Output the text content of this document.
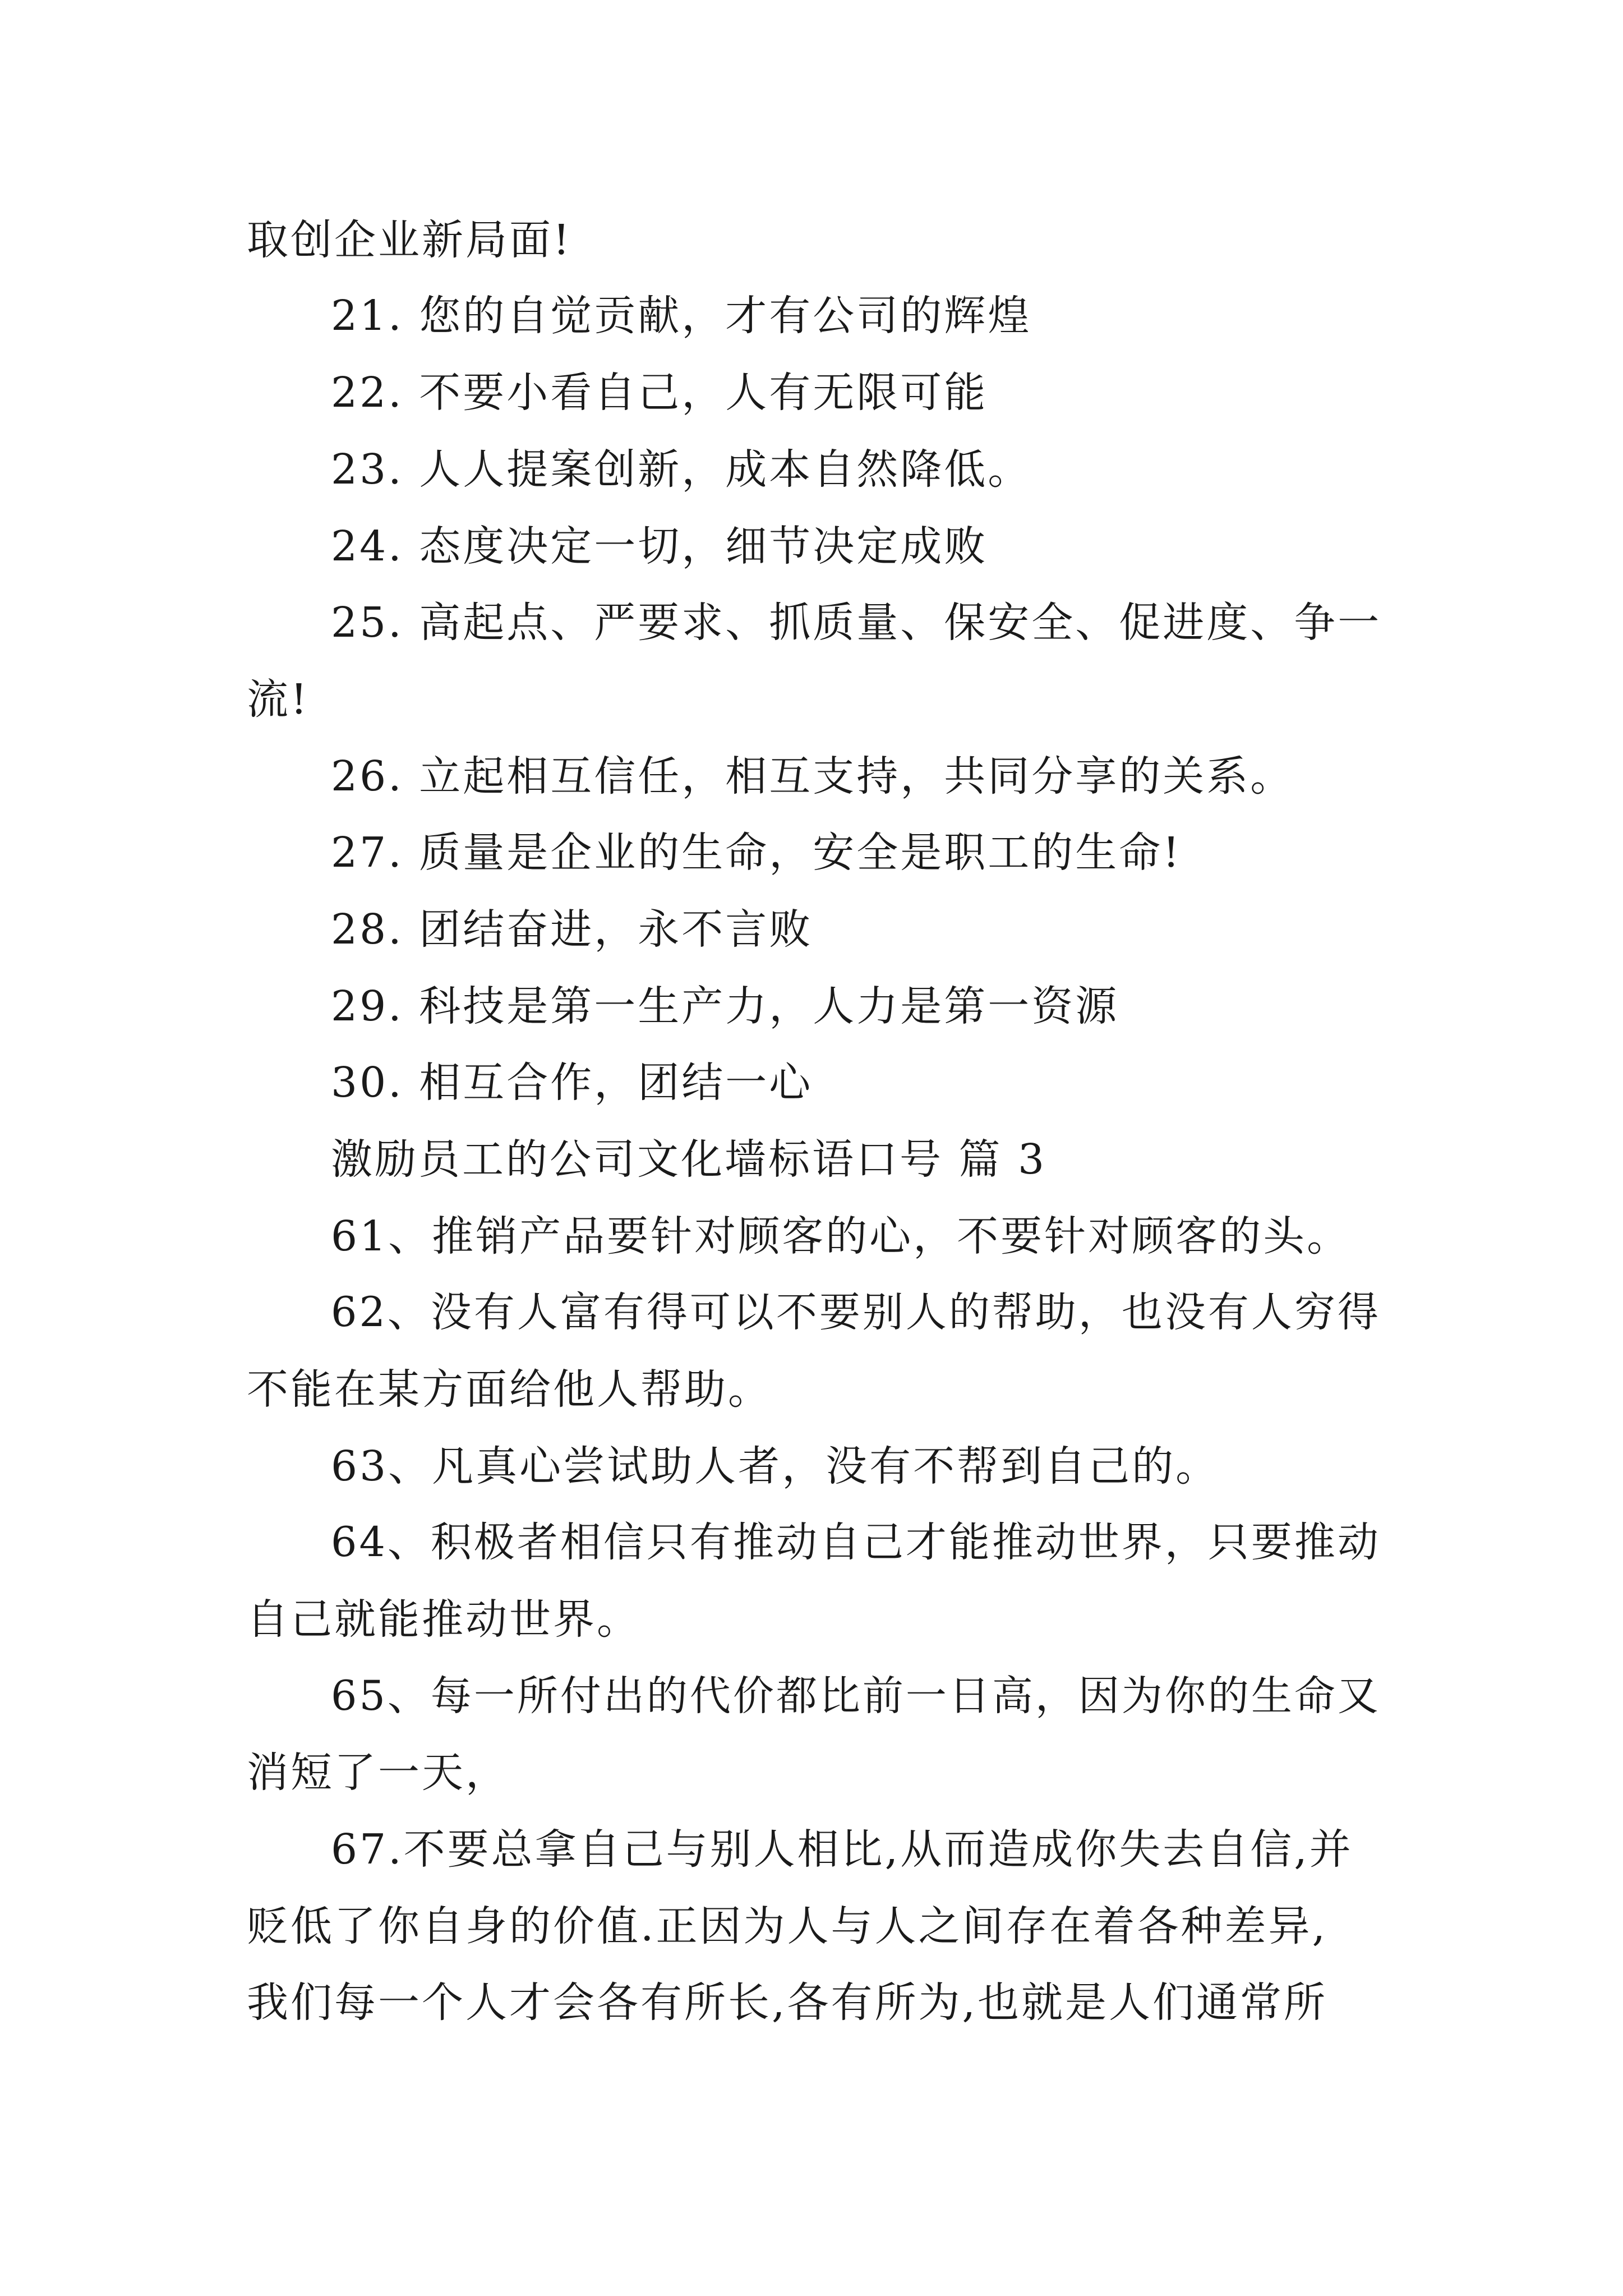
取创企业新局面!
21. 您的自觉贡献，才有公司的辉煌
22. 不要小看自己，人有无限可能
23. 人人提案创新，成本自然降低。
24. 态度决定一切，细节决定成败
25. 高起点、严要求、抓质量、保安全、促进度、争一
流!
26. 立起相互信任，相互支持，共同分享的关系。
27. 质量是企业的生命，安全是职工的生命!
28. 团结奋进，永不言败
29. 科技是第一生产力，人力是第一资源
30. 相互合作，团结一心
激励员工的公司文化墙标语口号 篇 3
61、推销产品要针对顾客的心，不要针对顾客的头。
62、没有人富有得可以不要别人的帮助，也没有人穷得
不能在某方面给他人帮助。
63、凡真心尝试助人者，没有不帮到自己的。
64、积极者相信只有推动自己才能推动世界，只要推动
自己就能推动世界。
65、每一所付出的代价都比前一日高，因为你的生命又
消短了一天，
67.不要总拿自己与别人相比,从而造成你失去自信,并
贬低了你自身的价值.正因为人与人之间存在着各种差异,
我们每一个人才会各有所长,各有所为,也就是人们通常所
